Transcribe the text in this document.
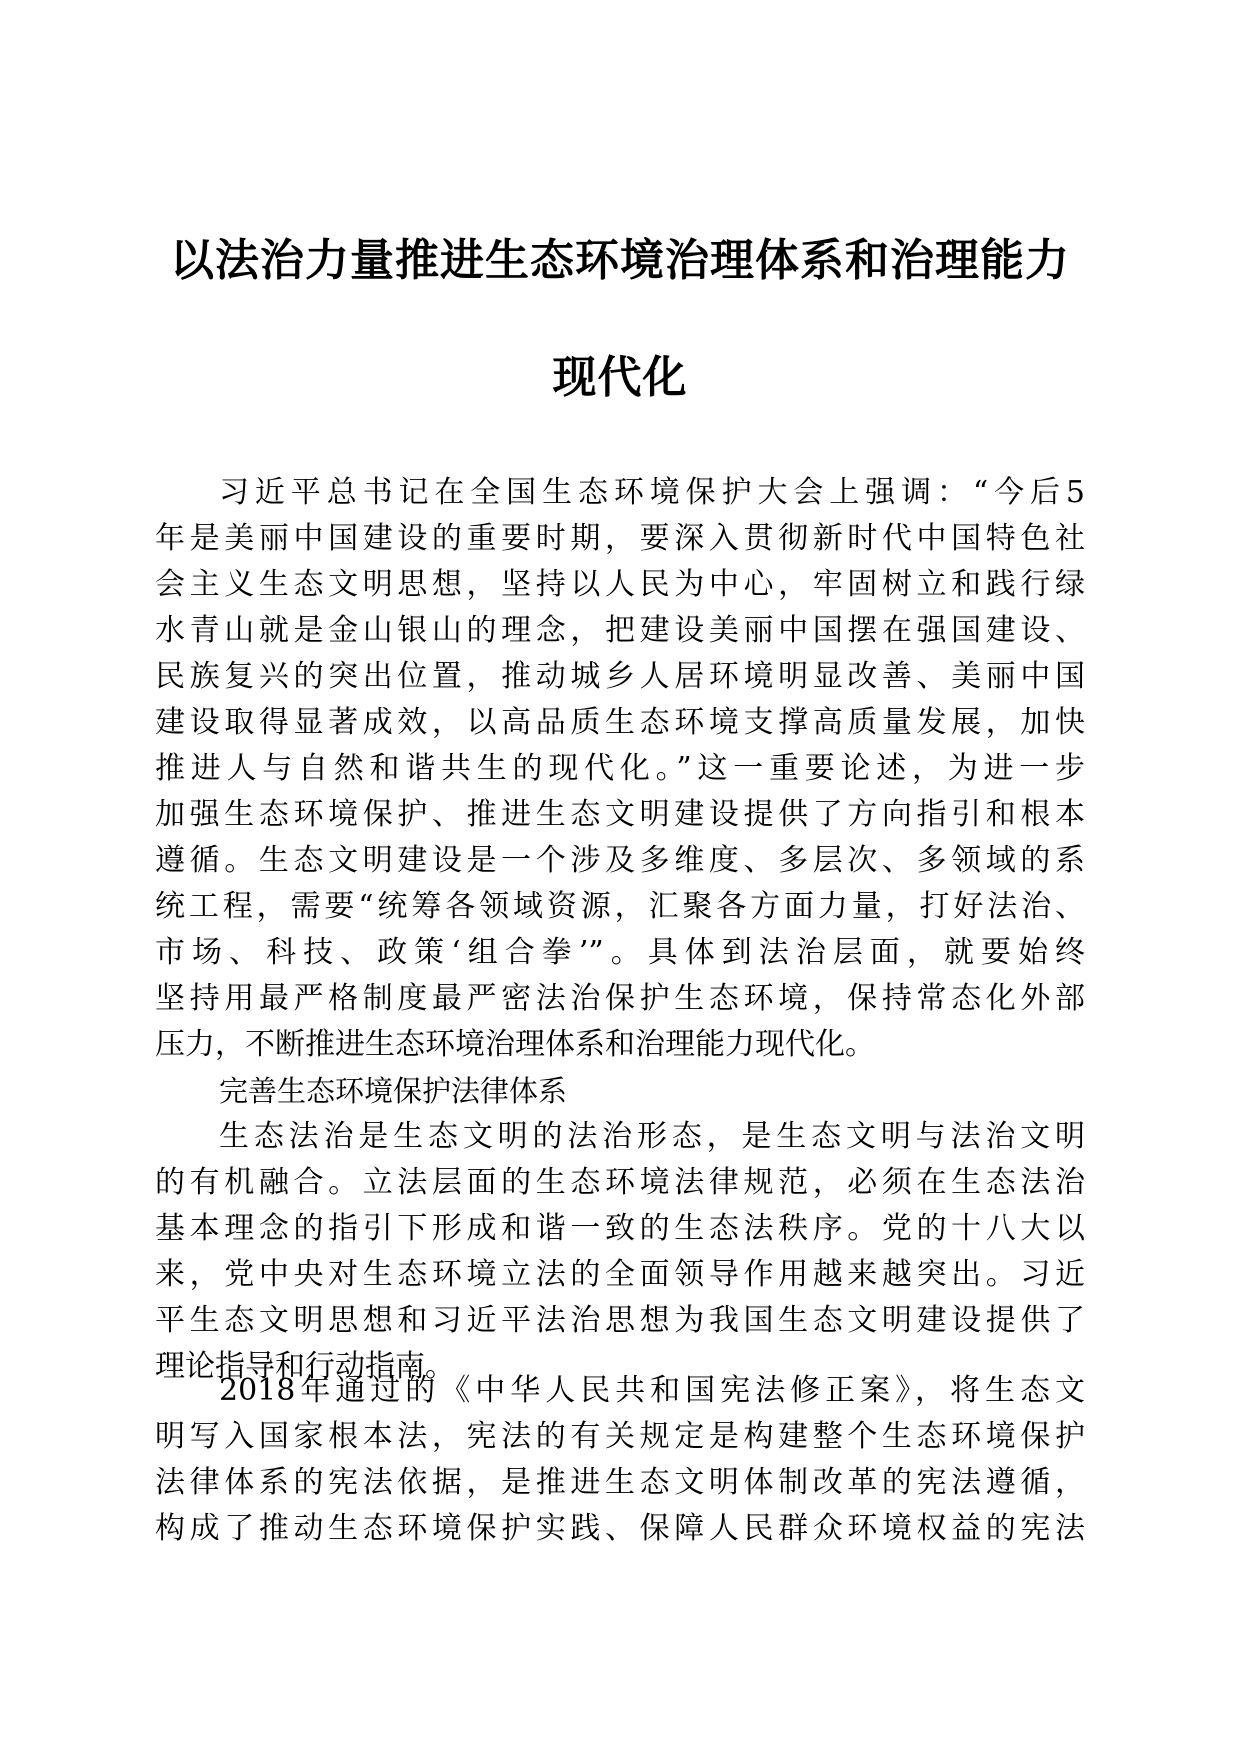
以法治力量推进生态环境治理体系和治理能力
现代化
习近平总书记在全国生态环境保护大会上强调：“今后5
年是美丽中国建设的重要时期，要深入贯彻新时代中国特色社
会主义生态文明思想，坚持以人民为中心，牢固树立和践行绿
水青山就是金山银山的理念，把建设美丽中国摆在强国建设、
民族复兴的突出位置，推动城乡人居环境明显改善、美丽中国
建设取得显著成效，以高品质生态环境支撑高质量发展，加快
推进人与自然和谐共生的现代化。”这一重要论述，为进一步
加强生态环境保护、推进生态文明建设提供了方向指引和根本
遵循。生态文明建设是一个涉及多维度、多层次、多领域的系
统工程，需要“统筹各领域资源，汇聚各方面力量，打好法治、
市场、科技、政策‘组合拳’”。具体到法治层面，就要始终
坚持用最严格制度最严密法治保护生态环境，保持常态化外部
压力，不断推进生态环境治理体系和治理能力现代化。
完善生态环境保护法律体系
生态法治是生态文明的法治形态，是生态文明与法治文明
的有机融合。立法层面的生态环境法律规范，必须在生态法治
基本理念的指引下形成和谐一致的生态法秩序。党的十八大以
来，党中央对生态环境立法的全面领导作用越来越突出。习近
平生态文明思想和习近平法治思想为我国生态文明建设提供了
理论指导和行动指南。
2018年通过的《中华人民共和国宪法修正案》，将生态文
明写入国家根本法，宪法的有关规定是构建整个生态环境保护
法律体系的宪法依据，是推进生态文明体制改革的宪法遵循，
构成了推动生态环境保护实践、保障人民群众环境权益的宪法
